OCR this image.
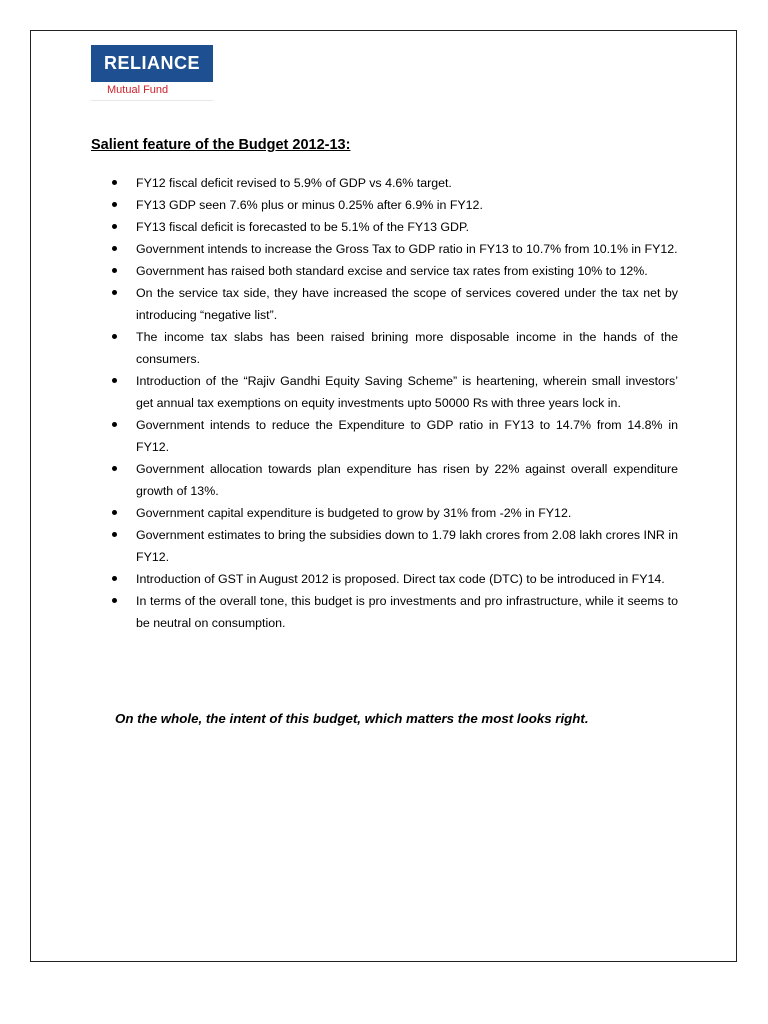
RELIANCE
Mutual Fund
Salient feature of the Budget 2012-13:
FY12 fiscal deficit revised to 5.9% of GDP vs 4.6% target.
FY13 GDP seen 7.6% plus or minus 0.25% after 6.9% in FY12.
FY13 fiscal deficit is forecasted to be 5.1% of the FY13 GDP.
Government intends to increase the Gross Tax to GDP ratio in FY13 to 10.7% from 10.1% in FY12.
Government has raised both standard excise and service tax rates from existing 10% to 12%.
On the service tax side, they have increased the scope of services covered under the tax net by introducing “negative list”.
The income tax slabs has been raised brining more disposable income in the hands of the consumers.
Introduction of the “Rajiv Gandhi Equity Saving Scheme” is heartening, wherein small investors’ get annual tax exemptions on equity investments upto 50000 Rs with three years lock in.
Government intends to reduce the Expenditure to GDP ratio in FY13 to 14.7% from 14.8% in FY12.
Government allocation towards plan expenditure has risen by 22% against overall expenditure growth of 13%.
Government capital expenditure is budgeted to grow by 31% from -2% in FY12.
Government estimates to bring the subsidies down to 1.79 lakh crores from 2.08 lakh crores INR in FY12.
Introduction of GST in August 2012 is proposed. Direct tax code (DTC) to be introduced in FY14.
In terms of the overall tone, this budget is pro investments and pro infrastructure, while it seems to be neutral on consumption.

On the whole, the intent of this budget, which matters the most looks right.
